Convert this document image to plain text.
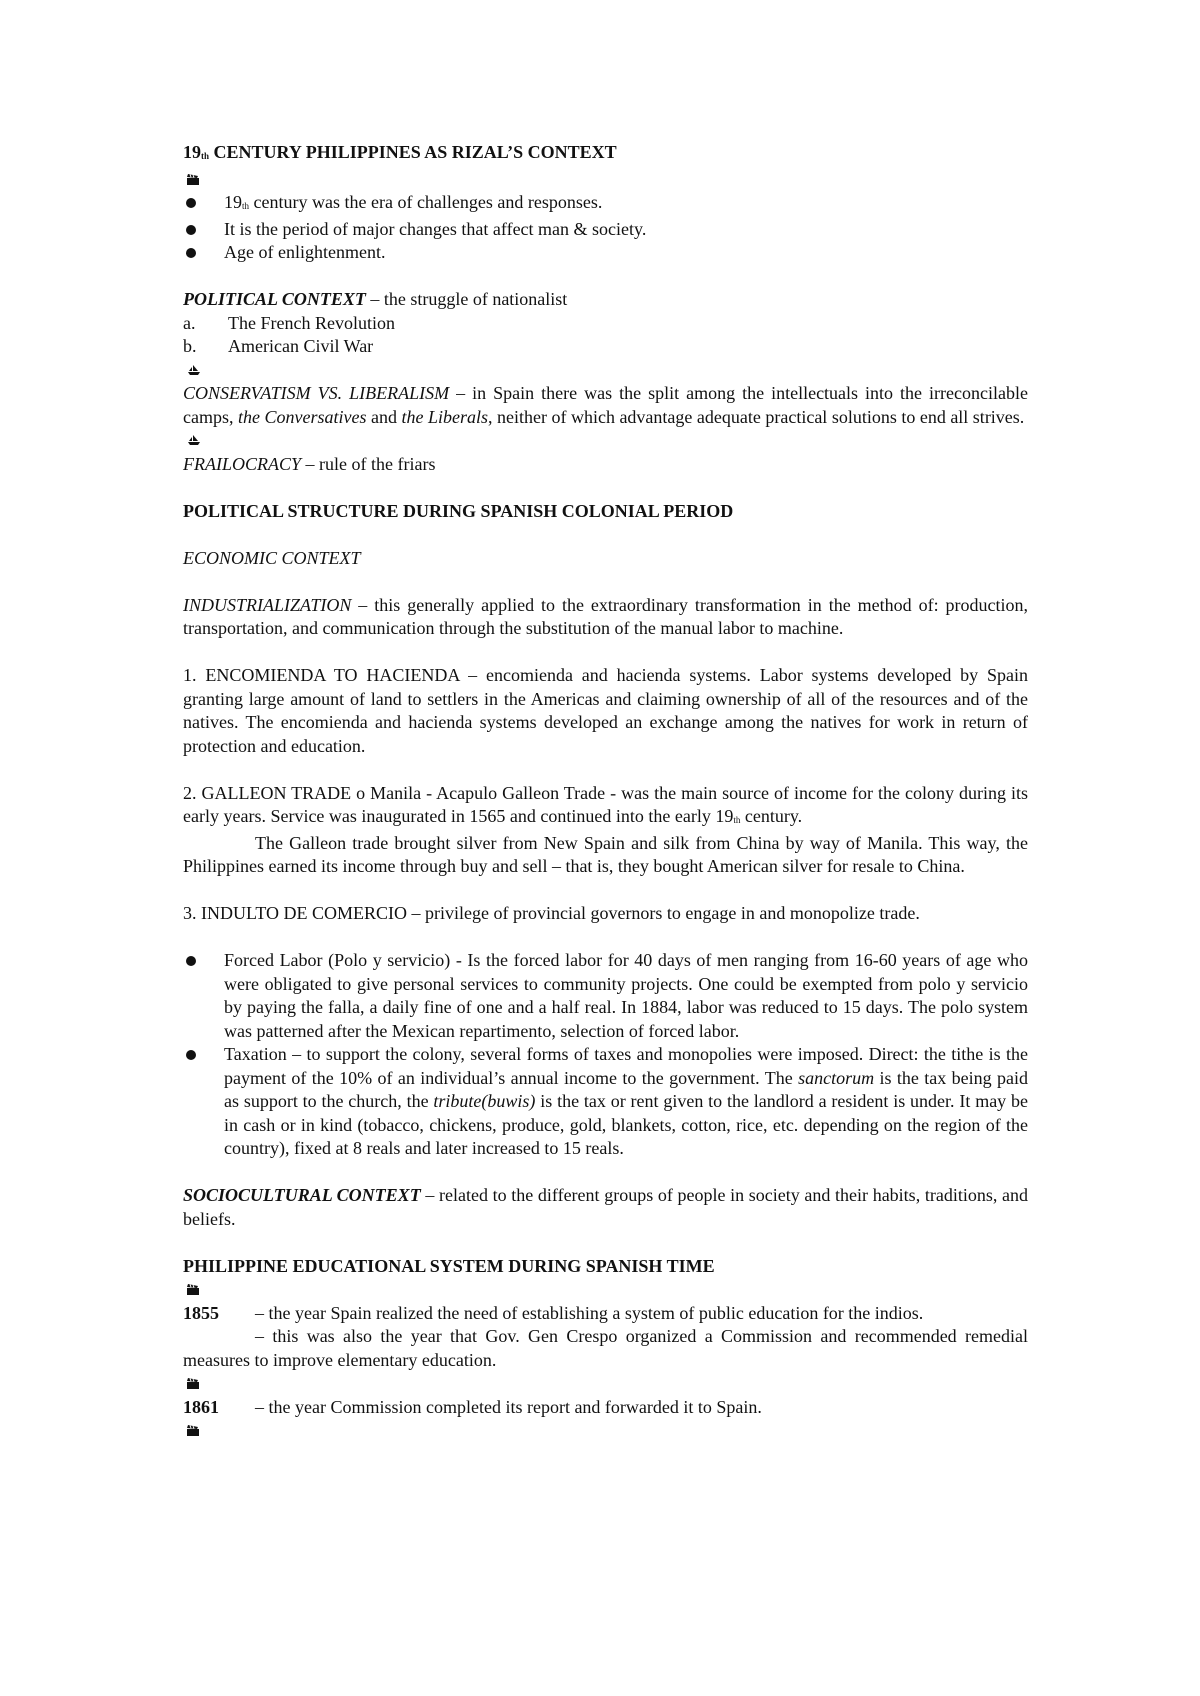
19th CENTURY PHILIPPINES AS RIZAL’S CONTEXT

19th century was the era of challenges and responses.

It is the period of major changes that affect man & society.

Age of enlightenment.

POLITICAL CONTEXT – the struggle of nationalist

a. The French Revolution

b. American Civil War

CONSERVATISM VS. LIBERALISM – in Spain there was the split among the intellectuals into the irreconcilable camps, the Conversatives and the Liberals, neither of which advantage adequate practical solutions to end all strives.

FRAILOCRACY – rule of the friars

POLITICAL STRUCTURE DURING SPANISH COLONIAL PERIOD

ECONOMIC CONTEXT

INDUSTRIALIZATION – this generally applied to the extraordinary transformation in the method of: production, transportation, and communication through the substitution of the manual labor to machine.

1. ENCOMIENDA TO HACIENDA – encomienda and hacienda systems. Labor systems developed by Spain granting large amount of land to settlers in the Americas and claiming ownership of all of the resources and of the natives. The encomienda and hacienda systems developed an exchange among the natives for work in return of protection and education.

2. GALLEON TRADE o Manila - Acapulo Galleon Trade - was the main source of income for the colony during its early years. Service was inaugurated in 1565 and continued into the early 19th century.

The Galleon trade brought silver from New Spain and silk from China by way of Manila. This way, the Philippines earned its income through buy and sell – that is, they bought American silver for resale to China.

3. INDULTO DE COMERCIO – privilege of provincial governors to engage in and monopolize trade.

Forced Labor (Polo y servicio) - Is the forced labor for 40 days of men ranging from 16-60 years of age who were obligated to give personal services to community projects. One could be exempted from polo y servicio by paying the falla, a daily fine of one and a half real. In 1884, labor was reduced to 15 days. The polo system was patterned after the Mexican repartimento, selection of forced labor.

Taxation – to support the colony, several forms of taxes and monopolies were imposed. Direct: the tithe is the payment of the 10% of an individual’s annual income to the government. The sanctorum is the tax being paid as support to the church, the tribute(buwis) is the tax or rent given to the landlord a resident is under. It may be in cash or in kind (tobacco, chickens, produce, gold, blankets, cotton, rice, etc. depending on the region of the country), fixed at 8 reals and later increased to 15 reals.

SOCIOCULTURAL CONTEXT – related to the different groups of people in society and their habits, traditions, and beliefs.

PHILIPPINE EDUCATIONAL SYSTEM DURING SPANISH TIME

1855 – the year Spain realized the need of establishing a system of public education for the indios.

– this was also the year that Gov. Gen Crespo organized a Commission and recommended remedial measures to improve elementary education.

1861 – the year Commission completed its report and forwarded it to Spain.
